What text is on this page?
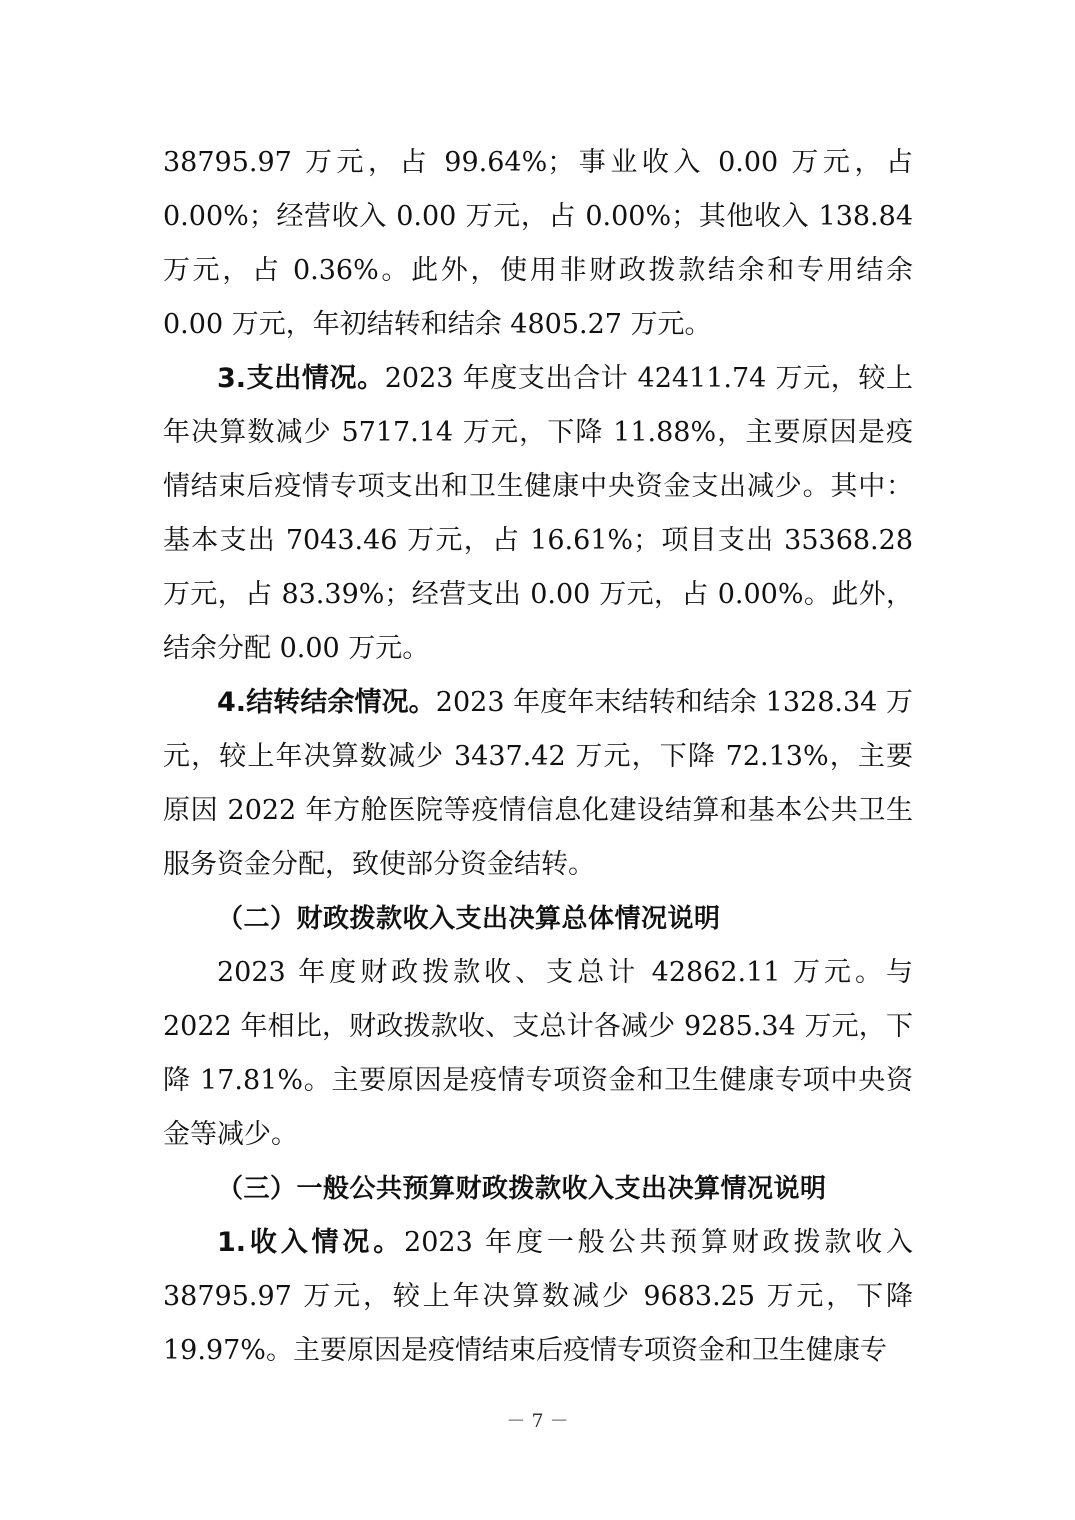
38795.97 万元，占 99.64%；事业收入 0.00 万元，占 0.00%；经营收入 0.00 万元，占 0.00%；其他收入 138.84 万元，占 0.36%。此外，使用非财政拨款结余和专用结余 0.00 万元，年初结转和结余 4805.27 万元。

3.支出情况。2023 年度支出合计 42411.74 万元，较上年决算数减少 5717.14 万元，下降 11.88%，主要原因是疫情结束后疫情专项支出和卫生健康中央资金支出减少。其中：基本支出 7043.46 万元，占 16.61%；项目支出 35368.28 万元，占 83.39%；经营支出 0.00 万元，占 0.00%。此外，结余分配 0.00 万元。

4.结转结余情况。2023 年度年末结转和结余 1328.34 万元，较上年决算数减少 3437.42 万元，下降 72.13%，主要原因 2022 年方舱医院等疫情信息化建设结算和基本公共卫生服务资金分配，致使部分资金结转。

（二）财政拨款收入支出决算总体情况说明

2023 年度财政拨款收、支总计 42862.11 万元。与 2022 年相比，财政拨款收、支总计各减少 9285.34 万元，下降 17.81%。主要原因是疫情专项资金和卫生健康专项中央资金等减少。

（三）一般公共预算财政拨款收入支出决算情况说明

1.收入情况。2023 年度一般公共预算财政拨款收入 38795.97 万元，较上年决算数减少 9683.25 万元，下降 19.97%。主要原因是疫情结束后疫情专项资金和卫生健康专

－ 7 －
